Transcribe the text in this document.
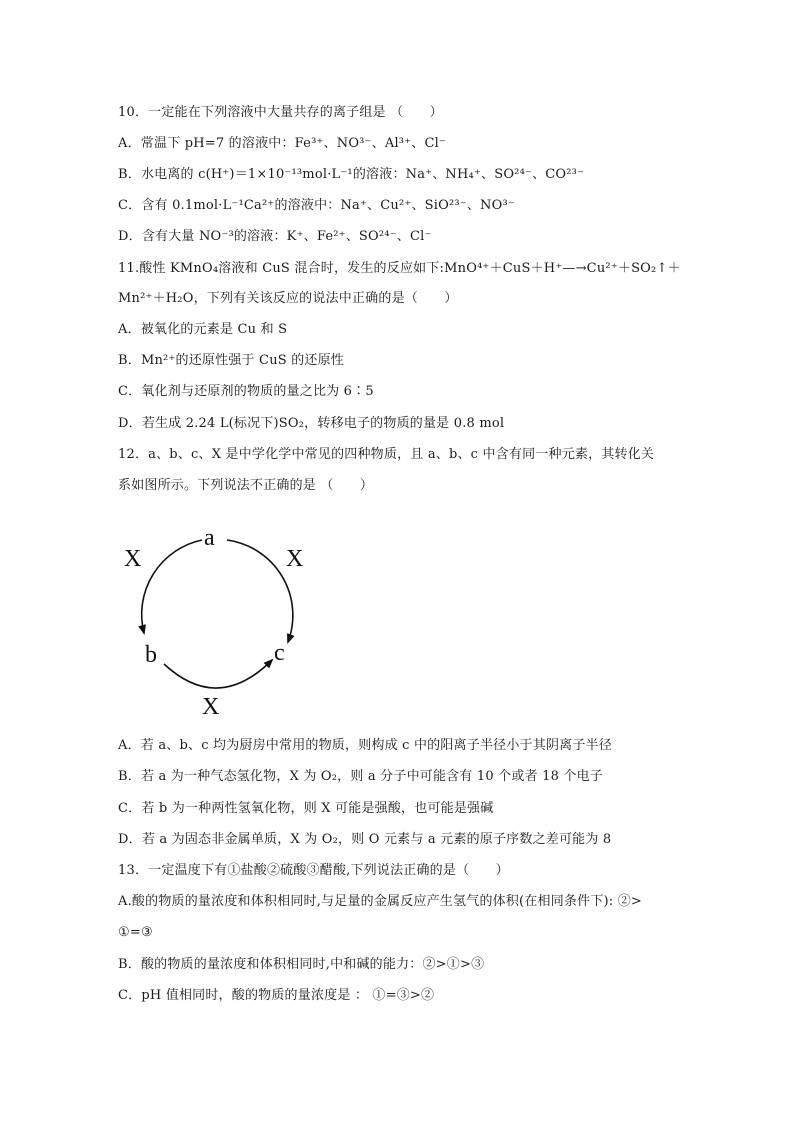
10．一定能在下列溶液中大量共存的离子组是 （　　）
A．常温下 pH=7 的溶液中：Fe³⁺、NO³⁻、Al³⁺、Cl⁻
B．水电离的 c(H⁺)＝1×10⁻¹³mol·L⁻¹的溶液：Na⁺、NH₄⁺、SO²⁴⁻、CO²³⁻
C．含有 0.1mol·L⁻¹Ca²⁺的溶液中：Na⁺、Cu²⁺、SiO²³⁻、NO³⁻
D．含有大量 NO⁻³的溶液：K⁺、Fe²⁺、SO²⁴⁻、Cl⁻
11.酸性 KMnO₄溶液和 CuS 混合时，发生的反应如下:MnO⁴⁺＋CuS＋H⁺—→Cu²⁺＋SO₂↑＋
Mn²⁺＋H₂O，下列有关该反应的说法中正确的是（　　）
A．被氧化的元素是 Cu 和 S
B．Mn²⁺的还原性强于 CuS 的还原性
C．氧化剂与还原剂的物质的量之比为 6∶5
D．若生成 2.24 L(标况下)SO₂，转移电子的物质的量是 0.8 mol
12．a、b、c、X 是中学化学中常见的四种物质，且 a、b、c 中含有同一种元素，其转化关
系如图所示。下列说法不正确的是 （　　）
a
b	c
X	X
X
A．若 a、b、c 均为厨房中常用的物质，则构成 c 中的阳离子半径小于其阴离子半径
B．若 a 为一种气态氢化物，X 为 O₂，则 a 分子中可能含有 10 个或者 18 个电子
C．若 b 为一种两性氢氧化物，则 X 可能是强酸，也可能是强碱
D．若 a 为固态非金属单质，X 为 O₂，则 O 元素与 a 元素的原子序数之差可能为 8
13．一定温度下有①盐酸②硫酸③醋酸,下列说法正确的是（　　）
A.酸的物质的量浓度和体积相同时,与足量的金属反应产生氢气的体积(在相同条件下): ②>
①=③
B．酸的物质的量浓度和体积相同时,中和碱的能力：②>①>③
C．pH 值相同时，酸的物质的量浓度是 ： ①=③>②
